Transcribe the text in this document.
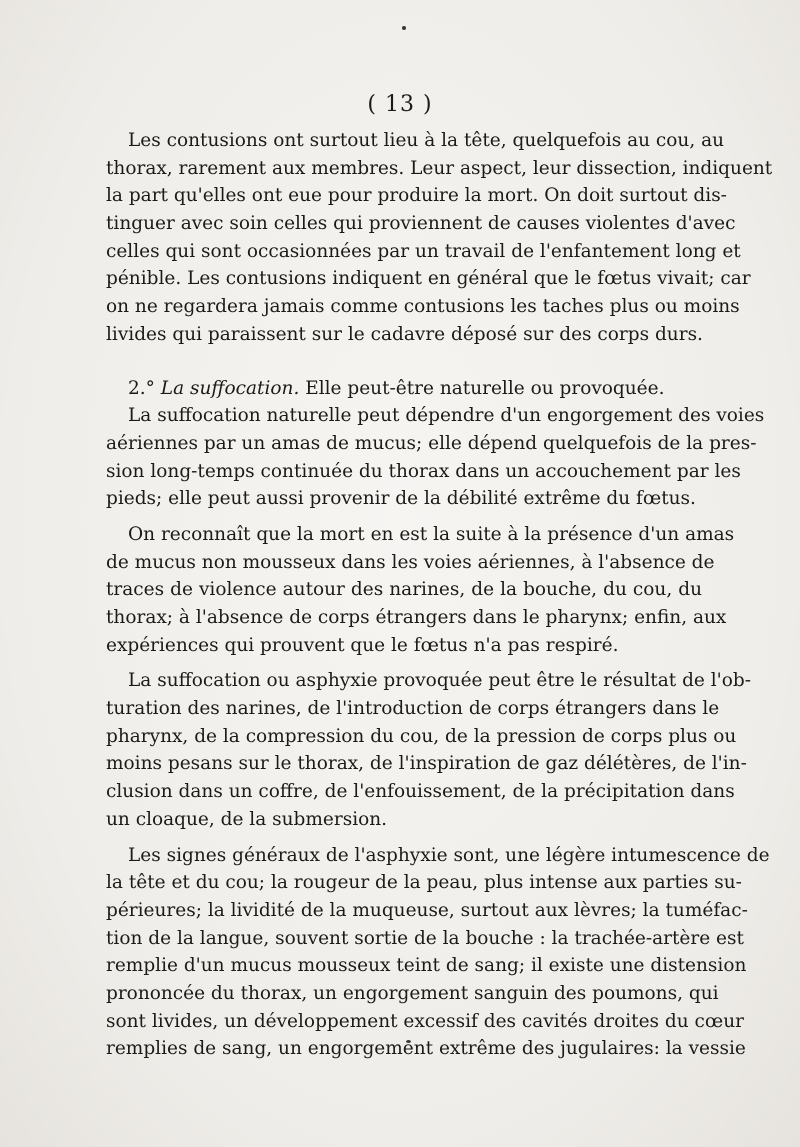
( 13 )
Les contusions ont surtout lieu à la tête, quelquefois au cou, au
thorax, rarement aux membres. Leur aspect, leur dissection, indiquent
la part qu'elles ont eue pour produire la mort. On doit surtout dis-
tinguer avec soin celles qui proviennent de causes violentes d'avec
celles qui sont occasionnées par un travail de l'enfantement long et
pénible. Les contusions indiquent en général que le fœtus vivait; car
on ne regardera jamais comme contusions les taches plus ou moins
livides qui paraissent sur le cadavre déposé sur des corps durs.
2.° La suffocation. Elle peut-être naturelle ou provoquée.
La suffocation naturelle peut dépendre d'un engorgement des voies
aériennes par un amas de mucus; elle dépend quelquefois de la pres-
sion long-temps continuée du thorax dans un accouchement par les
pieds; elle peut aussi provenir de la débilité extrême du fœtus.
On reconnaît que la mort en est la suite à la présence d'un amas
de mucus non mousseux dans les voies aériennes, à l'absence de
traces de violence autour des narines, de la bouche, du cou, du
thorax; à l'absence de corps étrangers dans le pharynx; enfin, aux
expériences qui prouvent que le fœtus n'a pas respiré.
La suffocation ou asphyxie provoquée peut être le résultat de l'ob-
turation des narines, de l'introduction de corps étrangers dans le
pharynx, de la compression du cou, de la pression de corps plus ou
moins pesans sur le thorax, de l'inspiration de gaz délétères, de l'in-
clusion dans un coffre, de l'enfouissement, de la précipitation dans
un cloaque, de la submersion.
Les signes généraux de l'asphyxie sont, une légère intumescence de
la tête et du cou; la rougeur de la peau, plus intense aux parties su-
périeures; la lividité de la muqueuse, surtout aux lèvres; la tuméfac-
tion de la langue, souvent sortie de la bouche : la trachée-artère est
remplie d'un mucus mousseux teint de sang; il existe une distension
prononcée du thorax, un engorgement sanguin des poumons, qui
sont livides, un développement excessif des cavités droites du cœur
remplies de sang, un engorgement extrême des jugulaires: la vessie
